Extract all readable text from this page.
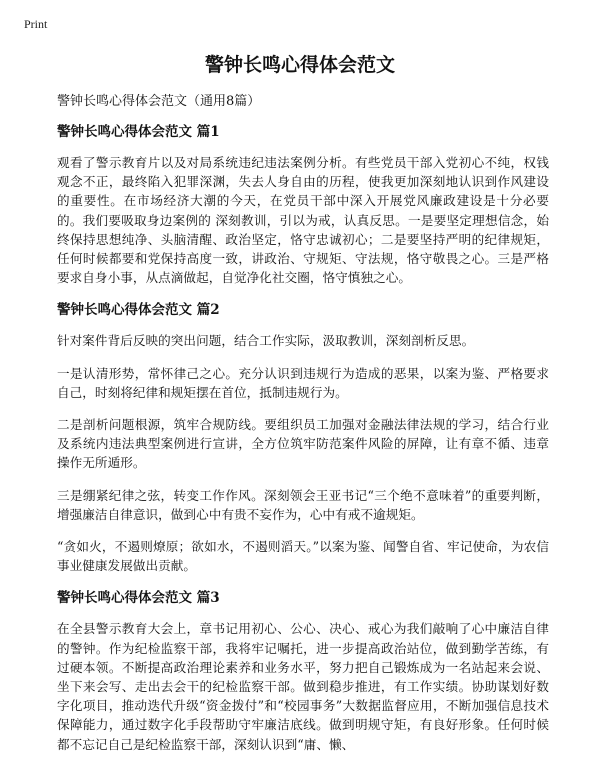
Print
警钟长鸣心得体会范文

警钟长鸣心得体会范文（通用8篇）

警钟长鸣心得体会范文 篇1

观看了警示教育片以及对局系统违纪违法案例分析。有些党员干部入党初心不纯，权钱观念不正，最终陷入犯罪深渊，失去人身自由的历程，使我更加深刻地认识到作风建设的重要性。在市场经济大潮的今天，在党员干部中深入开展党风廉政建设是十分必要的。我们要吸取身边案例的 深刻教训，引以为戒，认真反思。一是要坚定理想信念，始终保持思想纯净、头脑清醒、政治坚定，恪守忠诚初心；二是要坚持严明的纪律规矩，任何时候都要和党保持高度一致，讲政治、守规矩、守法规，恪守敬畏之心。三是严格要求自身小事，从点滴做起，自觉净化社交圈，恪守慎独之心。

警钟长鸣心得体会范文 篇2

针对案件背后反映的突出问题，结合工作实际，汲取教训，深刻剖析反思。

一是认清形势，常怀律己之心。充分认识到违规行为造成的恶果，以案为鉴、严格要求自己，时刻将纪律和规矩摆在首位，抵制违规行为。

二是剖析问题根源，筑牢合规防线。要组织员工加强对金融法律法规的学习，结合行业及系统内违法典型案例进行宣讲，全方位筑牢防范案件风险的屏障，让有章不循、违章操作无所遁形。

三是绷紧纪律之弦，转变工作作风。深刻领会王亚书记“三个绝不意味着”的重要判断，增强廉洁自律意识，做到心中有贵不妄作为，心中有戒不逾规矩。

“贪如火，不遏则燎原；欲如水，不遏则滔天。”以案为鉴、闻警自省、牢记使命，为农信事业健康发展做出贡献。

警钟长鸣心得体会范文 篇3

在全县警示教育大会上，章书记用初心、公心、决心、戒心为我们敲响了心中廉洁自律的警钟。作为纪检监察干部，我将牢记嘱托，进一步提高政治站位，做到勤学苦练，有过硬本领。不断提高政治理论素养和业务水平，努力把自己锻炼成为一名站起来会说、坐下来会写、走出去会干的纪检监察干部。做到稳步推进，有工作实绩。协助谋划好数字化项目，推动迭代升级“资金拨付”和“校园事务”大数据监督应用，不断加强信息技术保障能力，通过数字化手段帮助守牢廉洁底线。做到明规守矩，有良好形象。任何时候都不忘记自己是纪检监察干部，深刻认识到“庸、懒、
